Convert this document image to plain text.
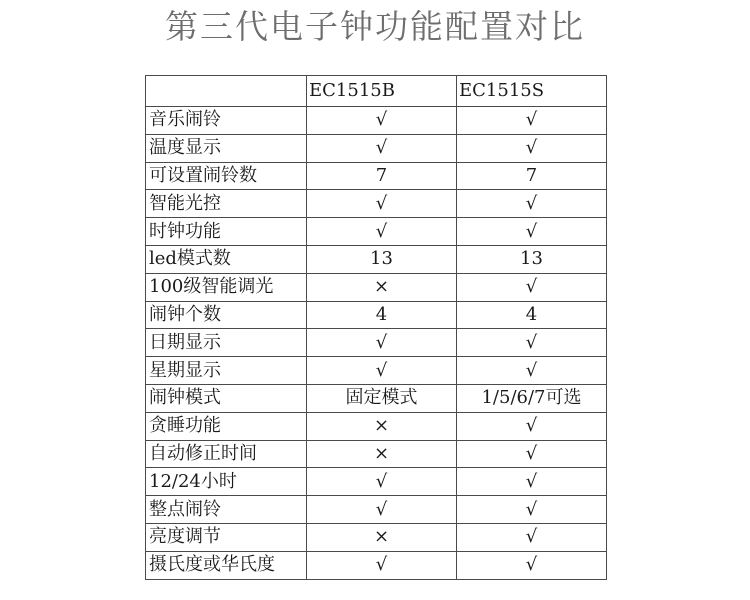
第三代电子钟功能配置对比
	EC1515B	EC1515S
音乐闹铃	√	√
温度显示	√	√
可设置闹铃数	7	7
智能光控	√	√
时钟功能	√	√
led模式数	13	13
100级智能调光	×	√
闹钟个数	4	4
日期显示	√	√
星期显示	√	√
闹钟模式	固定模式	1/5/6/7可选
贪睡功能	×	√
自动修正时间	×	√
12/24小时	√	√
整点闹铃	√	√
亮度调节	×	√
摄氏度或华氏度	√	√
